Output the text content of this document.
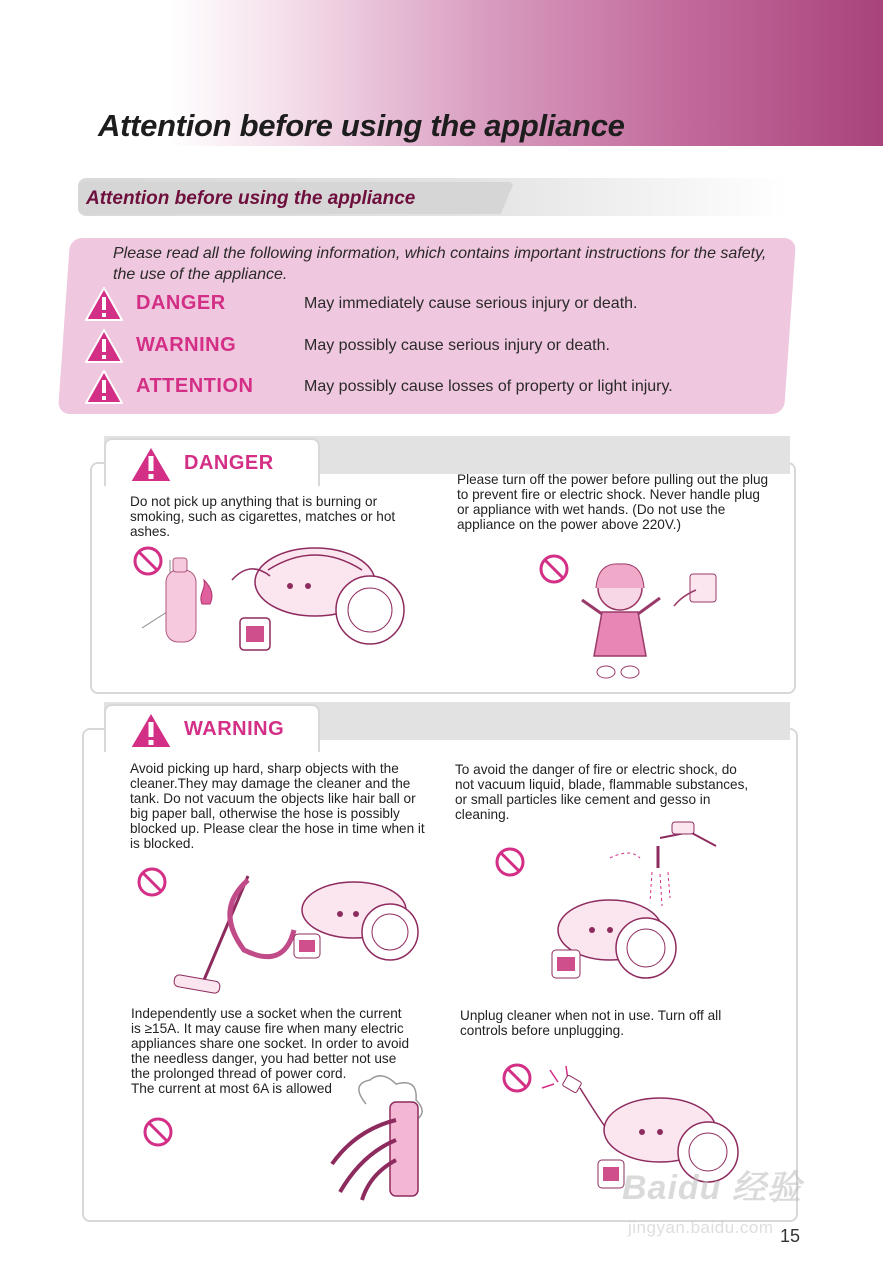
Attention before using the appliance
Attention before using the appliance
Please read all the following information, which contains important instructions for the safety, the use of the appliance.
DANGER	May immediately cause serious injury or death.
WARNING	May possibly cause serious injury or death.
ATTENTION	May possibly cause losses of property or light injury.
DANGER
Do not pick up anything that is burning or smoking, such as cigarettes, matches or hot ashes.
Please turn off the power before pulling out the plug to prevent fire or electric shock. Never handle plug or appliance with wet hands. (Do not use the appliance on the power above 220V.)
WARNING
Avoid picking up hard, sharp objects with the cleaner.They may damage the cleaner and the tank. Do not vacuum the objects like hair ball or big paper ball, otherwise the hose is possibly blocked up. Please clear the hose in time when it is blocked.
To avoid the danger of fire or electric shock, do not vacuum liquid, blade, flammable substances, or small particles like cement and gesso in cleaning.
Independently use a socket when the current
is ≥15A. It may cause fire when many electric
appliances share one socket. In order to avoid
the needless danger, you had better not use
the prolonged thread of power cord.
The current at most 6A is allowed
Unplug cleaner when not in use. Turn off all controls before unplugging.
Baidu 经验
jingyan.baidu.com 15
